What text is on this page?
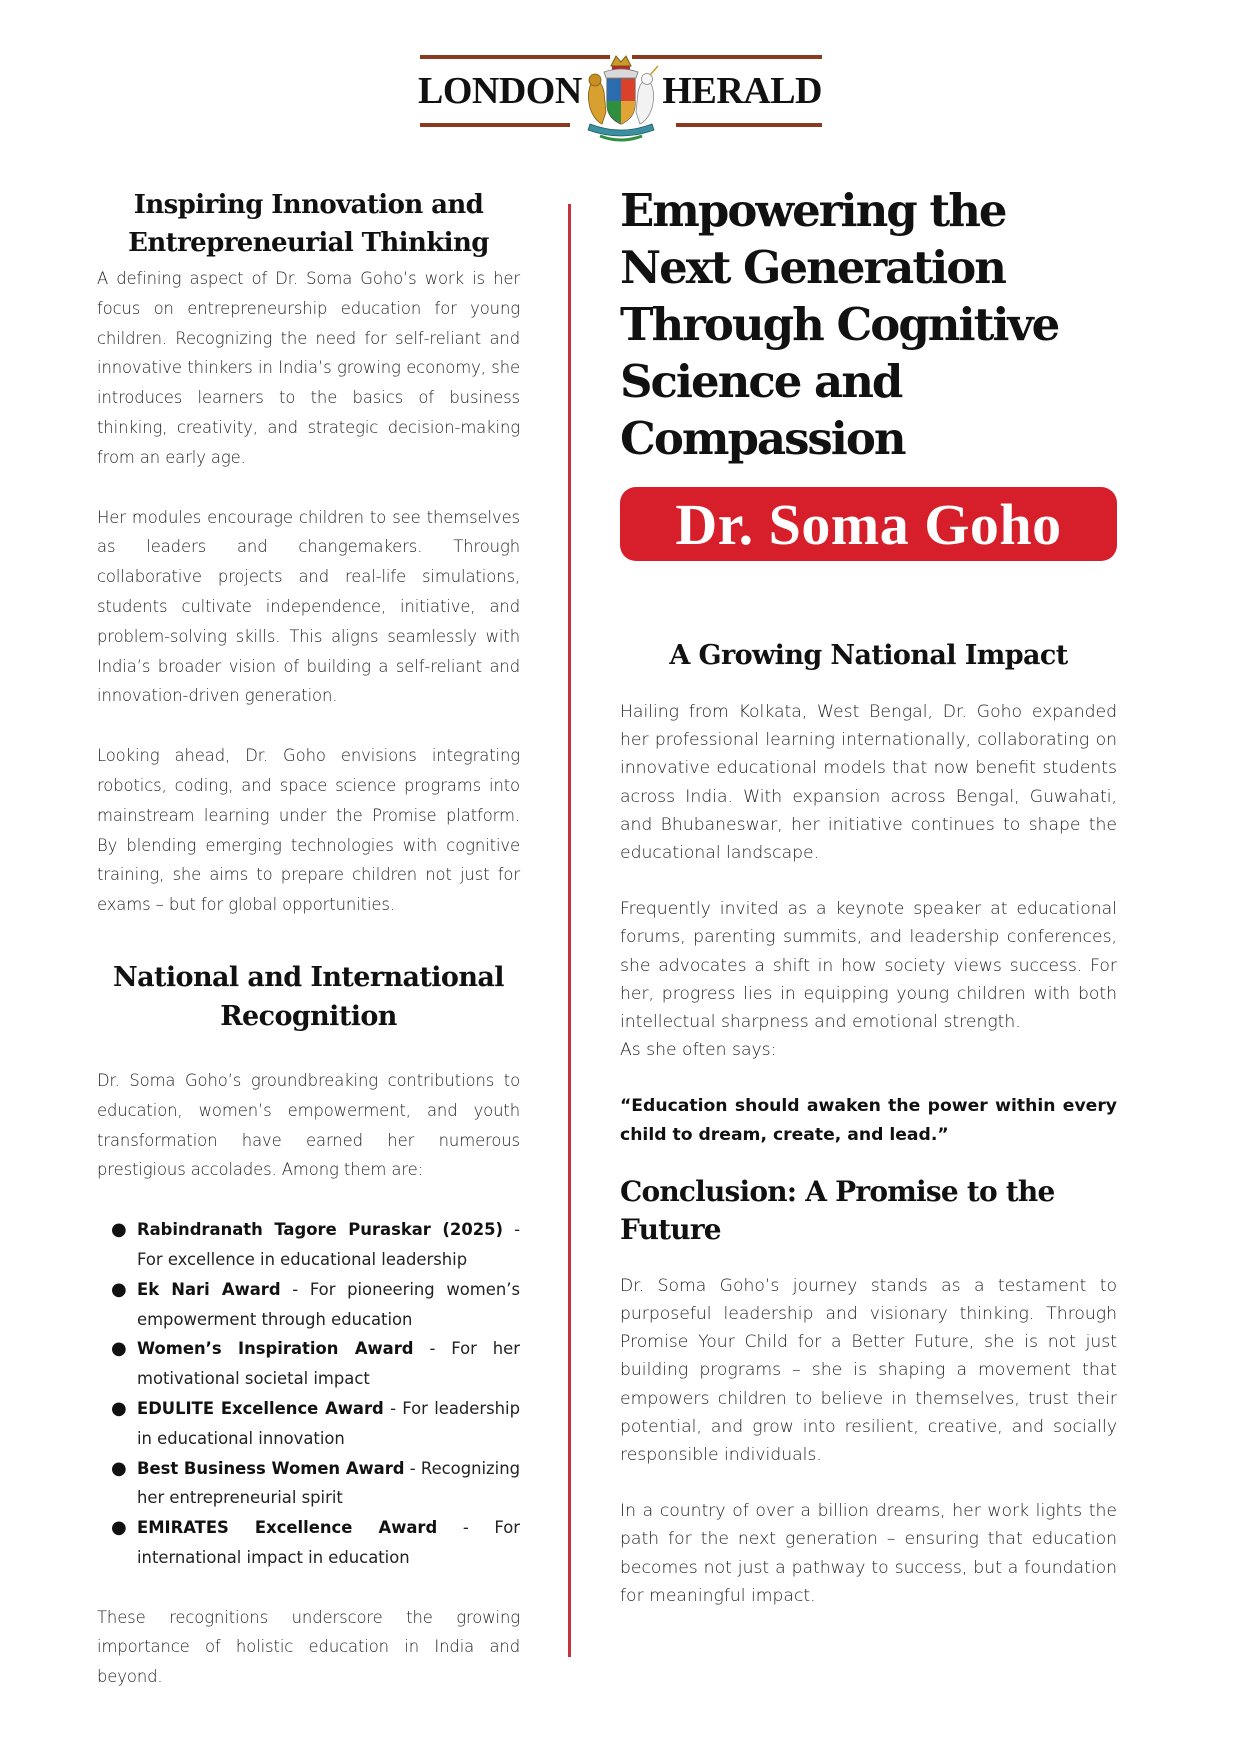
LONDON HERALD
Inspiring Innovation and Entrepreneurial Thinking

A defining aspect of Dr. Soma Goho’s work is her focus on entrepreneurship education for young children. Recognizing the need for self-reliant and innovative thinkers in India’s growing economy, she introduces learners to the basics of business thinking, creativity, and strategic decision-making from an early age.

Her modules encourage children to see themselves as leaders and changemakers. Through collaborative projects and real-life simulations, students cultivate independence, initiative, and problem-solving skills. This aligns seamlessly with India’s broader vision of building a self-reliant and innovation-driven generation.

Looking ahead, Dr. Goho envisions integrating robotics, coding, and space science programs into mainstream learning under the Promise platform. By blending emerging technologies with cognitive training, she aims to prepare children not just for exams – but for global opportunities.

National and International Recognition

Dr. Soma Goho’s groundbreaking contributions to education, women’s empowerment, and youth transformation have earned her numerous prestigious accolades. Among them are:

● Rabindranath Tagore Puraskar (2025) - For excellence in educational leadership
● Ek Nari Award - For pioneering women’s empowerment through education
● Women’s Inspiration Award - For her motivational societal impact
● EDULITE Excellence Award - For leadership in educational innovation
● Best Business Women Award - Recognizing her entrepreneurial spirit
● EMIRATES Excellence Award - For international impact in education

These recognitions underscore the growing importance of holistic education in India and beyond.

Empowering the Next Generation Through Cognitive Science and Compassion
Dr. Soma Goho
A Growing National Impact

Hailing from Kolkata, West Bengal, Dr. Goho expanded her professional learning internationally, collaborating on innovative educational models that now benefit students across India. With expansion across Bengal, Guwahati, and Bhubaneswar, her initiative continues to shape the educational landscape.

Frequently invited as a keynote speaker at educational forums, parenting summits, and leadership conferences, she advocates a shift in how society views success. For her, progress lies in equipping young children with both intellectual sharpness and emotional strength.

As she often says:

“Education should awaken the power within every child to dream, create, and lead.”

Conclusion: A Promise to the Future

Dr. Soma Goho’s journey stands as a testament to purposeful leadership and visionary thinking. Through Promise Your Child for a Better Future, she is not just building programs – she is shaping a movement that empowers children to believe in themselves, trust their potential, and grow into resilient, creative, and socially responsible individuals.

In a country of over a billion dreams, her work lights the path for the next generation – ensuring that education becomes not just a pathway to success, but a foundation for meaningful impact.
